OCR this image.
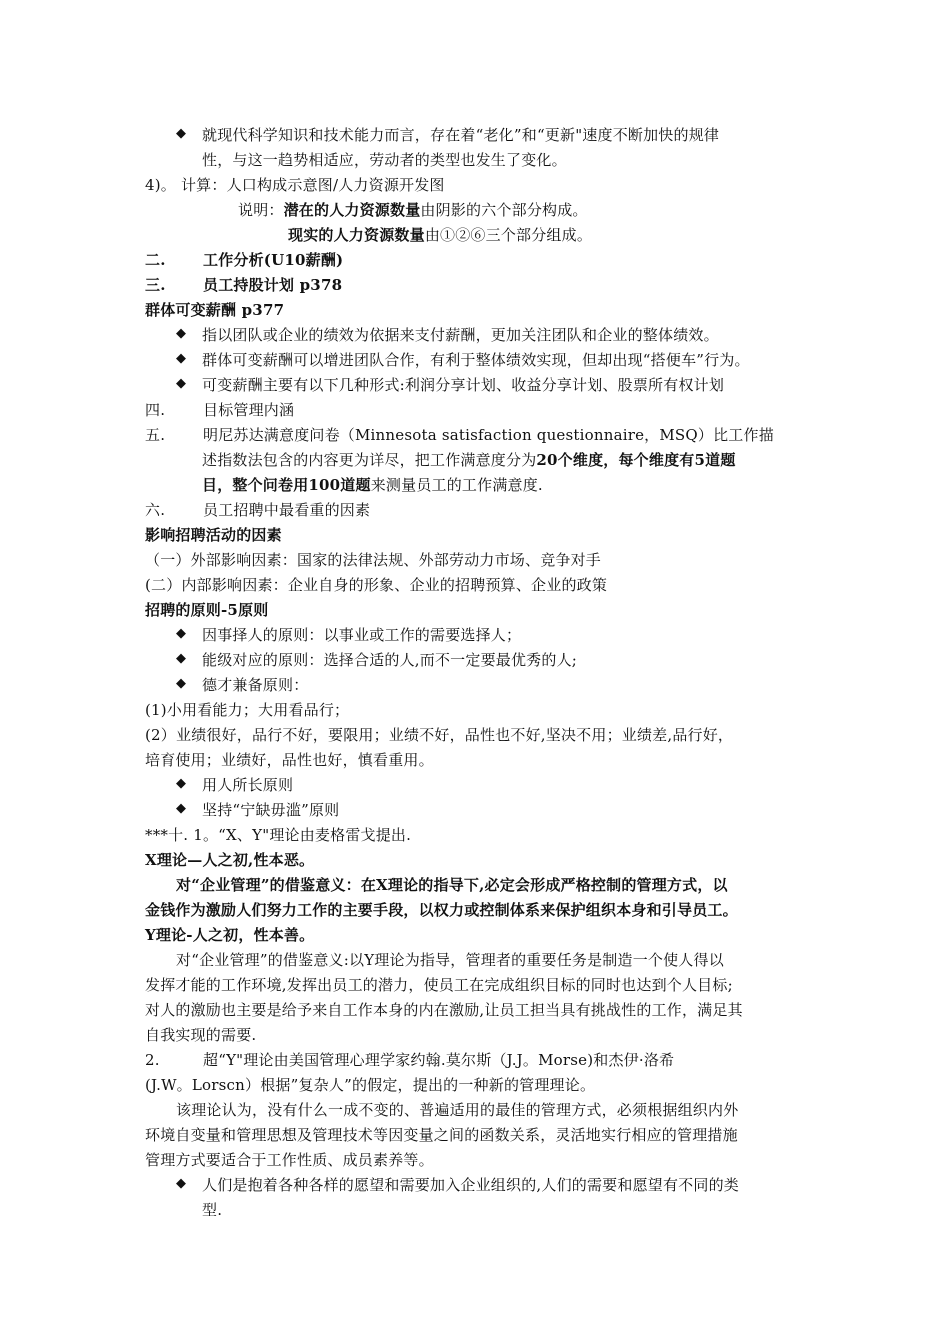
◆ 就现代科学知识和技术能力而言，存在着“老化”和“更新"速度不断加快的规律
性，与这一趋势相适应，劳动者的类型也发生了变化。
4)。 计算：人口构成示意图/人力资源开发图
说明：潜在的人力资源数量由阴影的六个部分构成。
现实的人力资源数量由①②⑥三个部分组成。
二. 工作分析(U10薪酬)
三. 员工持股计划 p378
群体可变薪酬 p377
◆ 指以团队或企业的绩效为依据来支付薪酬，更加关注团队和企业的整体绩效。
◆ 群体可变薪酬可以增进团队合作，有利于整体绩效实现，但却出现“搭便车”行为。
◆ 可变薪酬主要有以下几种形式:利润分享计划、收益分享计划、股票所有权计划
四.	目标管理内涵
五.	明尼苏达满意度问卷（Minnesota satisfaction questionnaire，MSQ）比工作描
述指数法包含的内容更为详尽，把工作满意度分为20个维度，每个维度有5道题
目，整个问卷用100道题来测量员工的工作满意度.
六.	员工招聘中最看重的因素
影响招聘活动的因素
（一）外部影响因素：国家的法律法规、外部劳动力市场、竞争对手
(二）内部影响因素：企业自身的形象、企业的招聘预算、企业的政策
招聘的原则-5原则
◆ 因事择人的原则：以事业或工作的需要选择人；
◆ 能级对应的原则：选择合适的人,而不一定要最优秀的人;
◆ 德才兼备原则：
(1)小用看能力；大用看品行；
(2）业绩很好，品行不好，要限用；业绩不好，品性也不好,坚决不用；业绩差,品行好，
培育使用；业绩好，品性也好，慎看重用。
◆ 用人所长原则
◆ 坚持“宁缺毋滥”原则
***十. 1。“X、Y"理论由麦格雷戈提出.
X理论—人之初,性本恶。
对“企业管理”的借鉴意义：在X理论的指导下,必定会形成严格控制的管理方式，以
金钱作为激励人们努力工作的主要手段，以权力或控制体系来保护组织本身和引导员工。
Y理论-人之初，性本善。
对“企业管理”的借鉴意义:以Y理论为指导，管理者的重要任务是制造一个使人得以
发挥才能的工作环境,发挥出员工的潜力，使员工在完成组织目标的同时也达到个人目标;
对人的激励也主要是给予来自工作本身的内在激励,让员工担当具有挑战性的工作，满足其
自我实现的需要.
2.	超“Y"理论由美国管理心理学家约翰.莫尔斯（J.J。Morse)和杰伊·洛希
(J.W。Lorscn）根据”复杂人”的假定，提出的一种新的管理理论。
该理论认为，没有什么一成不变的、普遍适用的最佳的管理方式，必须根据组织内外
环境自变量和管理思想及管理技术等因变量之间的函数关系，灵活地实行相应的管理措施
管理方式要适合于工作性质、成员素养等。
◆ 人们是抱着各种各样的愿望和需要加入企业组织的,人们的需要和愿望有不同的类
型.
